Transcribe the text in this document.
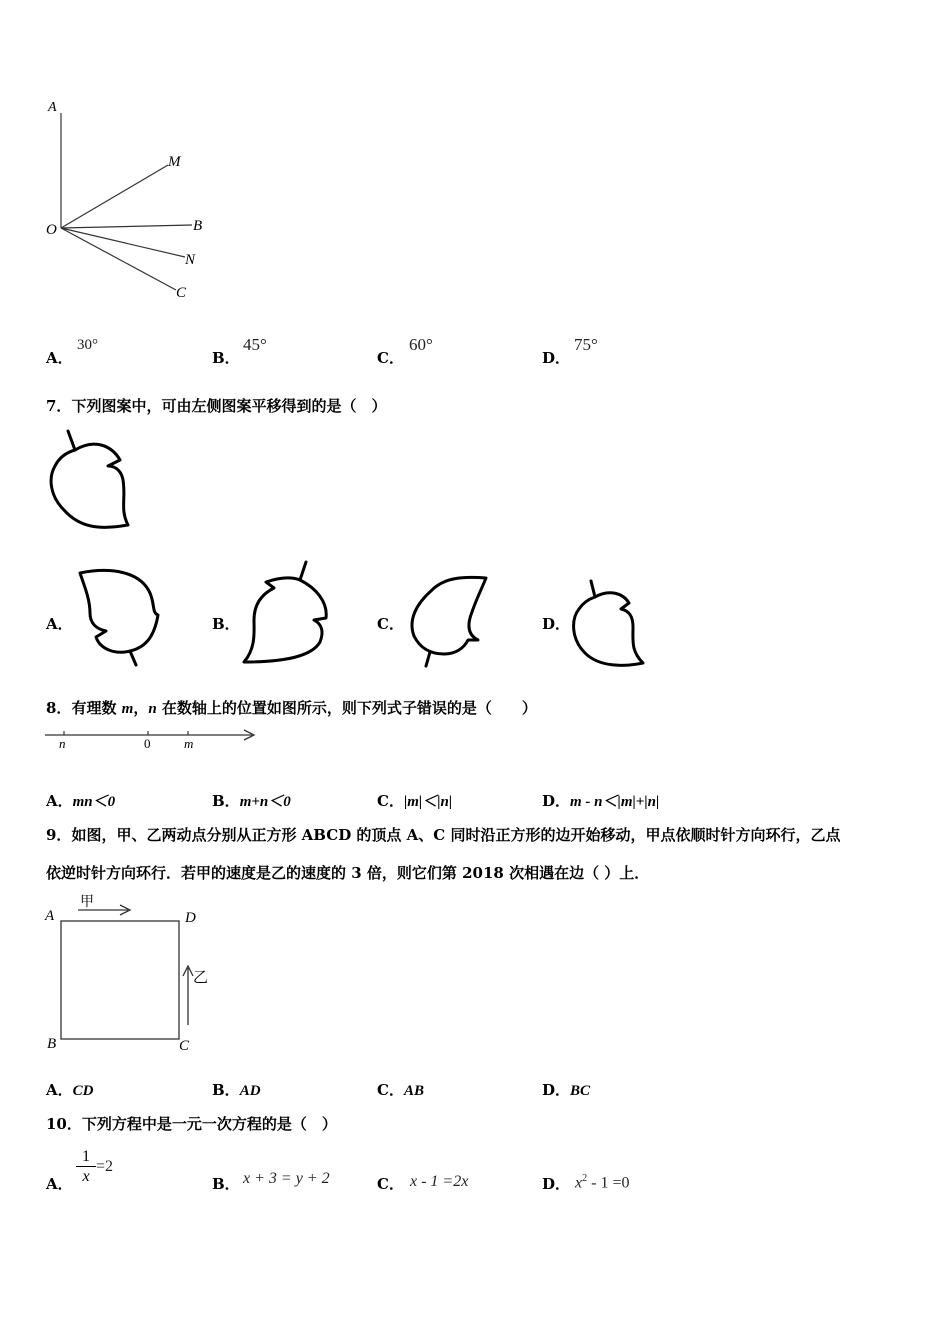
A
O
M
B
N
C
A．
30°
B．
45°
C．
60°
D．
75°
7．下列图案中，可由左侧图案平移得到的是（　）
A．	B．	C．	D．
8．有理数 m，n 在数轴上的位置如图所示，则下列式子错误的是（　　）
n	0	m
A．mn＜0	B．m+n＜0	C．|m|＜|n|	D．m - n＜|m|+|n|
9．如图，甲、乙两动点分别从正方形 ABCD 的顶点 A、C 同时沿正方形的边开始移动，甲点依顺时针方向环行，乙点
依逆时针方向环行．若甲的速度是乙的速度的 3 倍，则它们第 2018 次相遇在边（ ）上．
A	D
B	C
甲
乙
A．CD	B．AD	C．AB	D．BC
10．下列方程中是一元一次方程的是（　）
A． $\frac{1}{x} =2$
B． x + 3 = y + 2	C． x - 1 =2x	D． $x^2 - 1 =0$
